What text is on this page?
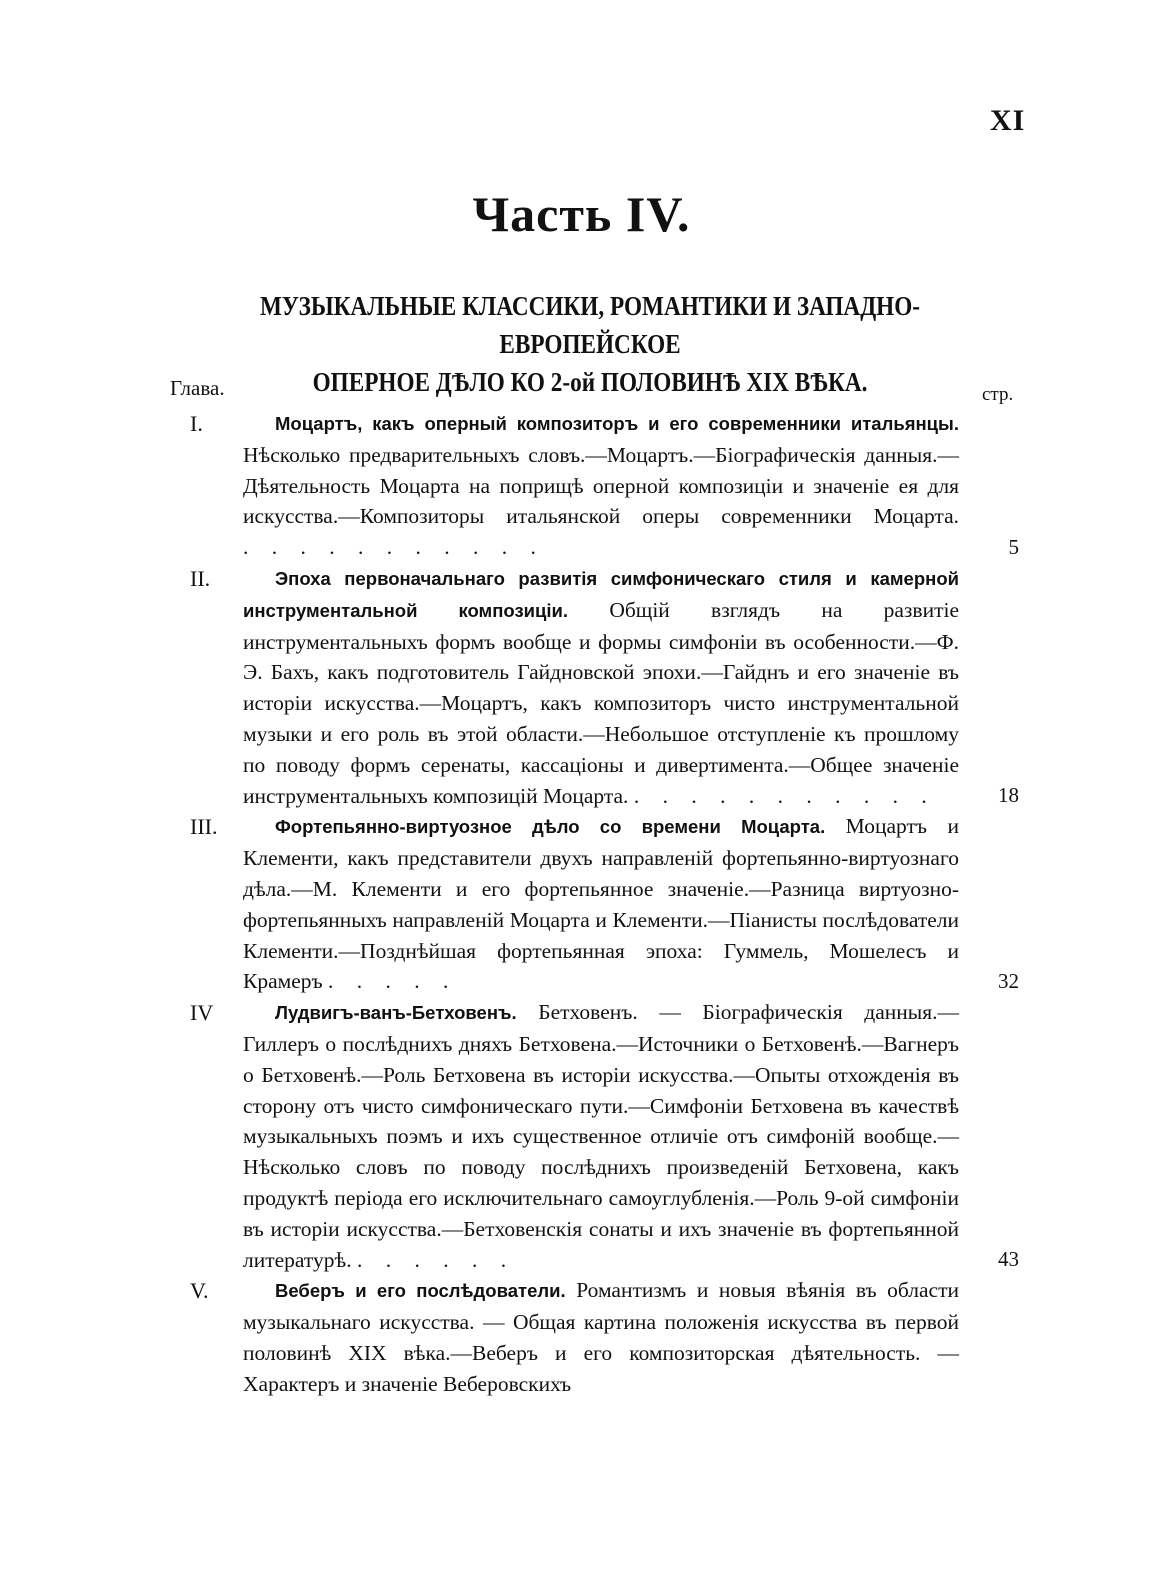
XI
Часть IV.
МУЗЫКАЛЬНЫЕ КЛАССИКИ, РОМАНТИКИ И ЗАПАДНО-ЕВРОПЕЙСКОЕ
ОПЕРНОЕ ДѢЛО КО 2-ой ПОЛОВИНѢ XIX ВѢКА.
Глава.	стр.
I.	Моцартъ, какъ оперный композиторъ и его современники итальянцы. Нѣсколько предварительныхъ словъ.—Моцартъ.—Біографическія данныя.—Дѣятельность Моцарта на поприщѣ оперной композиціи и значеніе ея для искусства.—Композиторы итальянской оперы современники Моцарта. . . . . . . . . . . .	5
II.	Эпоха первоначальнаго развитія симфоническаго стиля и камерной инструментальной композиціи. Общій взглядъ на развитіе инструментальныхъ формъ вообще и формы симфоніи въ особенности.—Ф. Э. Бахъ, какъ подготовитель Гайдновской эпохи.—Гайднъ и его значеніе въ исторіи искусства.—Моцартъ, какъ композиторъ чисто инструментальной музыки и его роль въ этой области.—Небольшое отступленіе къ прошлому по поводу формъ серенаты, кассаціоны и дивертимента.—Общее значеніе инструментальныхъ композицій Моцарта. . . . . . . . . . . .	18
III.	Фортепьянно-виртуозное дѣло со времени Моцарта. Моцартъ и Клементи, какъ представители двухъ направленій фортепьянно-виртуознаго дѣла.—М. Клементи и его фортепьянное значеніе.—Разница виртуозно-фортепьянныхъ направленій Моцарта и Клементи.—Піанисты послѣдователи Клементи.—Позднѣйшая фортепьянная эпоха: Гуммель, Мошелесъ и Крамеръ . . . . .	32
IV	Лудвигъ-ванъ-Бетховенъ. Бетховенъ. — Біографическія данныя.—Гиллеръ о послѣднихъ дняхъ Бетховена.—Источники о Бетховенѣ.—Вагнеръ о Бетховенѣ.—Роль Бетховена въ исторіи искусства.—Опыты отхожденія въ сторону отъ чисто симфоническаго пути.—Симфоніи Бетховена въ качествѣ музыкальныхъ поэмъ и ихъ существенное отличіе отъ симфоній вообще.—Нѣсколько словъ по поводу послѣднихъ произведеній Бетховена, какъ продуктѣ періода его исключительнаго самоуглубленія.—Роль 9-ой симфоніи въ исторіи искусства.—Бетховенскія сонаты и ихъ значеніе въ фортепьянной литературѣ. . . . . . .	43
V.	Веберъ и его послѣдователи. Романтизмъ и новыя вѣянія въ области музыкальнаго искусства. — Общая картина положенія искусства въ первой половинѣ XIX вѣка.—Веберъ и его композиторская дѣятельность. — Характеръ и значеніе Веберовскихъ
